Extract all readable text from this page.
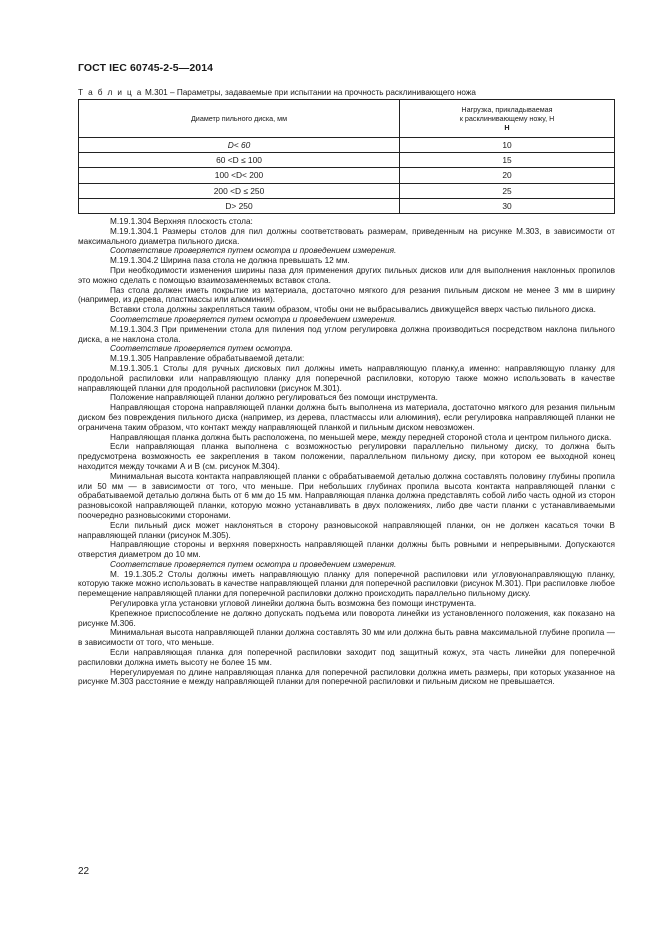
ГОСТ IEC 60745-2-5—2014
Т а б л и ц а М.301 – Параметры, задаваемые при испытании на прочность расклинивающего ножа
Диаметр пильного диска, мм	Нагрузка, прикладываемая
к расклинивающему ножу, Н
Н

D< 60	10
60 <D ≤ 100	15
100 <D< 200	20
200 <D ≤ 250	25
D> 250	30

М.19.1.304 Верхняя плоскость стола:

М.19.1.304.1 Размеры столов для пил должны соответствовать размерам, приведенным на рисунке М.303, в зависимости от максимального диаметра пильного диска.

Соответствие проверяется путем осмотра и проведением измерения.

М.19.1.304.2 Ширина паза стола не должна превышать 12 мм.

При необходимости изменения ширины паза для применения других пильных дисков или для выполнения наклонных пропилов это можно сделать с помощью взаимозаменяемых вставок стола.

Паз стола должен иметь покрытие из материала, достаточно мягкого для резания пильным диском не менее 3 мм в ширину (например, из дерева, пластмассы или алюминия).

Вставки стола должны закрепляться таким образом, чтобы они не выбрасывались движущейся вверх частью пильного диска.

Соответствие проверяется путем осмотра и проведением измерения.

М.19.1.304.3 При применении стола для пиления под углом регулировка должна производиться посредством наклона пильного диска, а не наклона стола.

Соответствие проверяется путем осмотра.

М.19.1.305 Направление обрабатываемой детали:

М.19.1.305.1 Столы для ручных дисковых пил должны иметь направляющую планку,а именно: направляющую планку для продольной распиловки или направляющую планку для поперечной распиловки, которую также можно использовать в качестве направляющей планки для продольной распиловки (рисунок М.301).

Положение направляющей планки должно регулироваться без помощи инструмента.

Направляющая сторона направляющей планки должна быть выполнена из материала, достаточно мягкого для резания пильным диском без повреждения пильного диска (например, из дерева, пластмассы или алюминия), если регулировка направляющей планки не ограничена таким образом, что контакт между направляющей планкой и пильным диском невозможен.

Направляющая планка должна быть расположена, по меньшей мере, между передней стороной стола и центром пильного диска.

Если направляющая планка выполнена с возможностью регулировки параллельно пильному диску, то должна быть предусмотрена возможность ее закрепления в таком положении, параллельном пильному диску, при котором ее выходной конец находится между точками А и В (см. рисунок М.304).

Минимальная высота контакта направляющей планки с обрабатываемой деталью должна составлять половину глубины пропила или 50 мм — в зависимости от того, что меньше. При небольших глубинах пропила высота контакта направляющей планки с обрабатываемой деталью должна быть от 6 мм до 15 мм. Направляющая планка должна представлять собой либо часть одной из сторон разновысокой направляющей планки, которую можно устанавливать в двух положениях, либо две части планки с устанавливаемыми поочередно разновысокими сторонами.

Если пильный диск может наклоняться в сторону разновысокой направляющей планки, он не должен касаться точки В направляющей планки (рисунок М.305).

Направляющие стороны и верхняя поверхность направляющей планки должны быть ровными и непрерывными. Допускаются отверстия диаметром до 10 мм.

Соответствие проверяется путем осмотра и проведением измерения.

М. 19.1.305.2 Столы должны иметь направляющую планку для поперечной распиловки или угловуюнаправляющую планку, которую также можно использовать в качестве направляющей планки для поперечной распиловки (рисунок М.301). При распиловке любое перемещение направляющей планки для поперечной распиловки должно происходить параллельно пильному диску.

Регулировка угла установки угловой линейки должна быть возможна без помощи инструмента.

Крепежное приспособление не должно допускать подъема или поворота линейки из установленного положения, как показано на рисунке М.306.

Минимальная высота направляющей планки должна составлять 30 мм или должна быть равна максимальной глубине пропила — в зависимости от того, что меньше.

Если направляющая планка для поперечной распиловки заходит под защитный кожух, эта часть линейки для поперечной распиловки должна иметь высоту не более 15 мм.

Нерегулируемая по длине направляющая планка для поперечной распиловки должна иметь размеры, при которых указанное на рисунке М.303 расстояние е между направляющей планки для поперечной распиловки и пильным диском не превышается.

22
